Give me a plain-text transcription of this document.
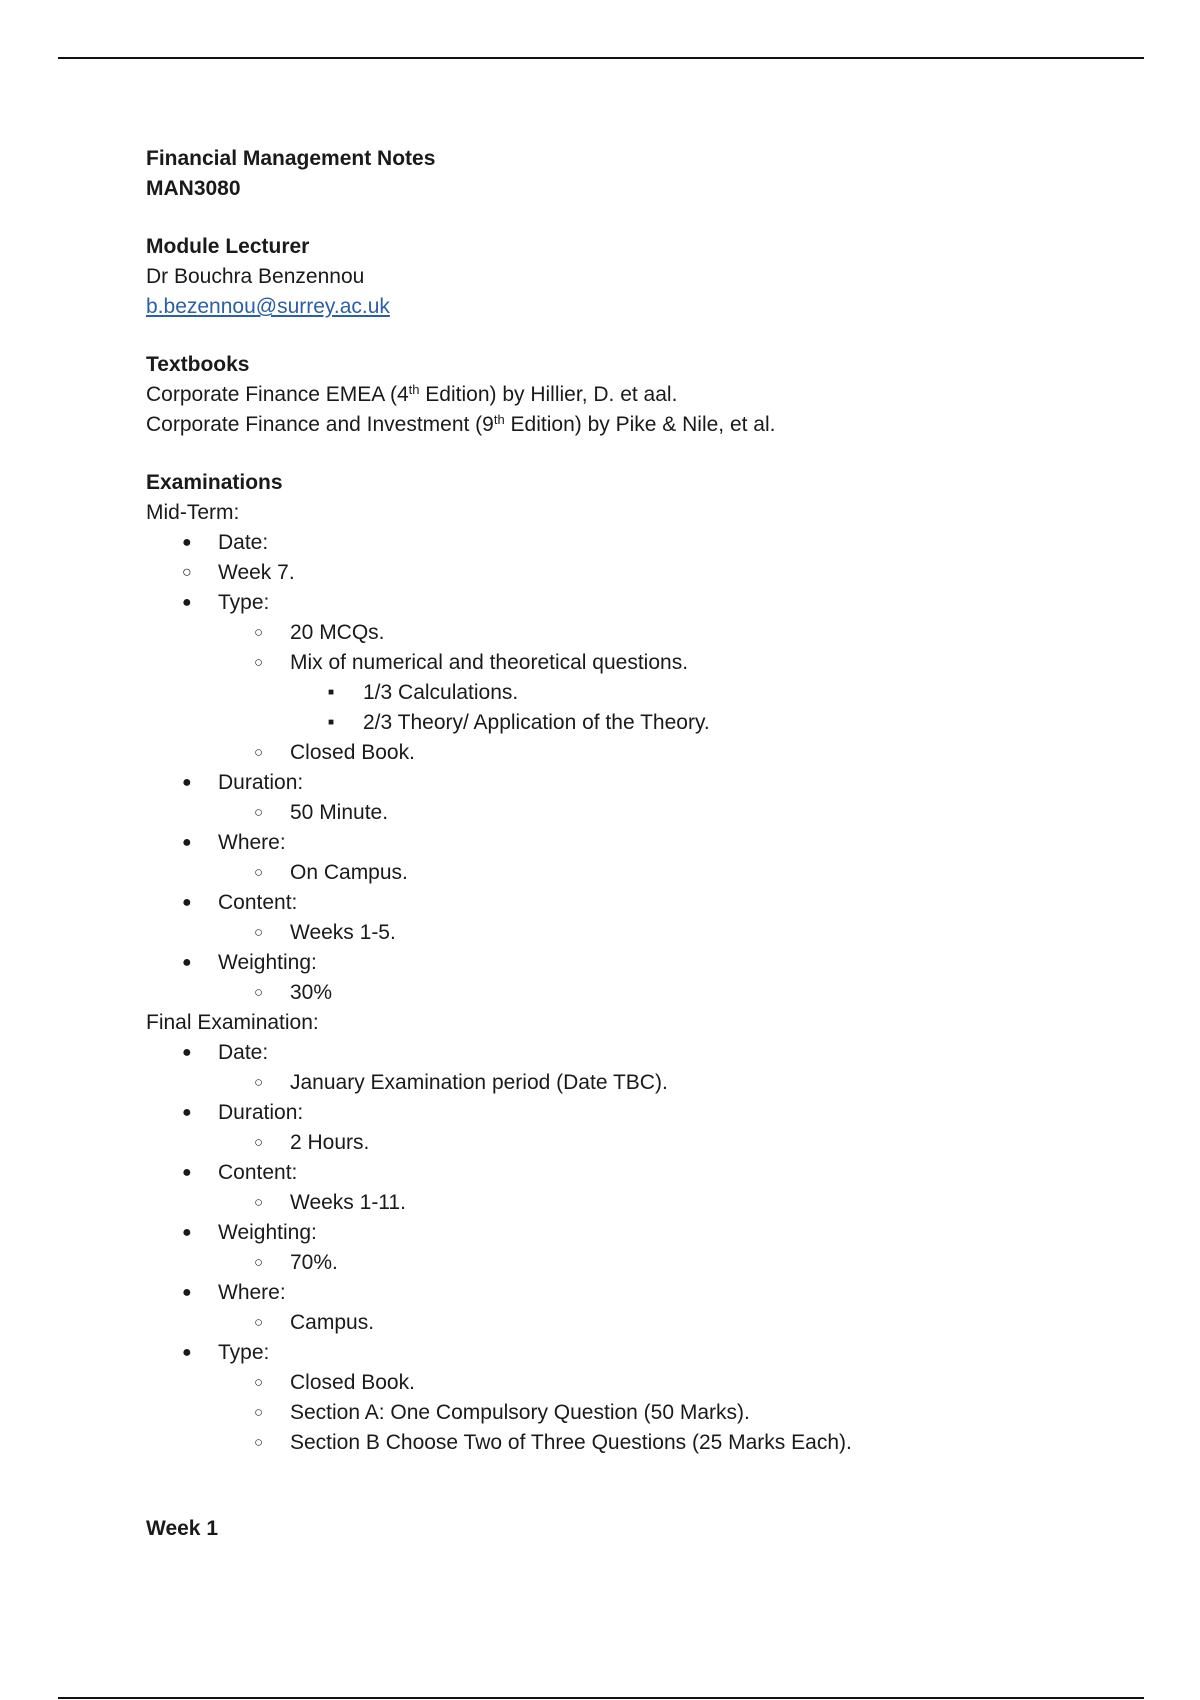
Financial Management Notes
MAN3080
Module Lecturer
Dr Bouchra Benzennou
b.bezennou@surrey.ac.uk
Textbooks
Corporate Finance EMEA (4th Edition) by Hillier, D. et aal.
Corporate Finance and Investment (9th Edition) by Pike & Nile, et al.
Examinations
Mid-Term:
● Date:
○ Week 7.
● Type:
○ 20 MCQs.
○ Mix of numerical and theoretical questions.
■ 1/3 Calculations.
■ 2/3 Theory/ Application of the Theory.
○ Closed Book.
● Duration:
○ 50 Minute.
● Where:
○ On Campus.
● Content:
○ Weeks 1-5.
● Weighting:
○ 30%
Final Examination:
● Date:
○ January Examination period (Date TBC).
● Duration:
○ 2 Hours.
● Content:
○ Weeks 1-11.
● Weighting:
○ 70%.
● Where:
○ Campus.
● Type:
○ Closed Book.
○ Section A: One Compulsory Question (50 Marks).
○ Section B Choose Two of Three Questions (25 Marks Each).
Week 1
